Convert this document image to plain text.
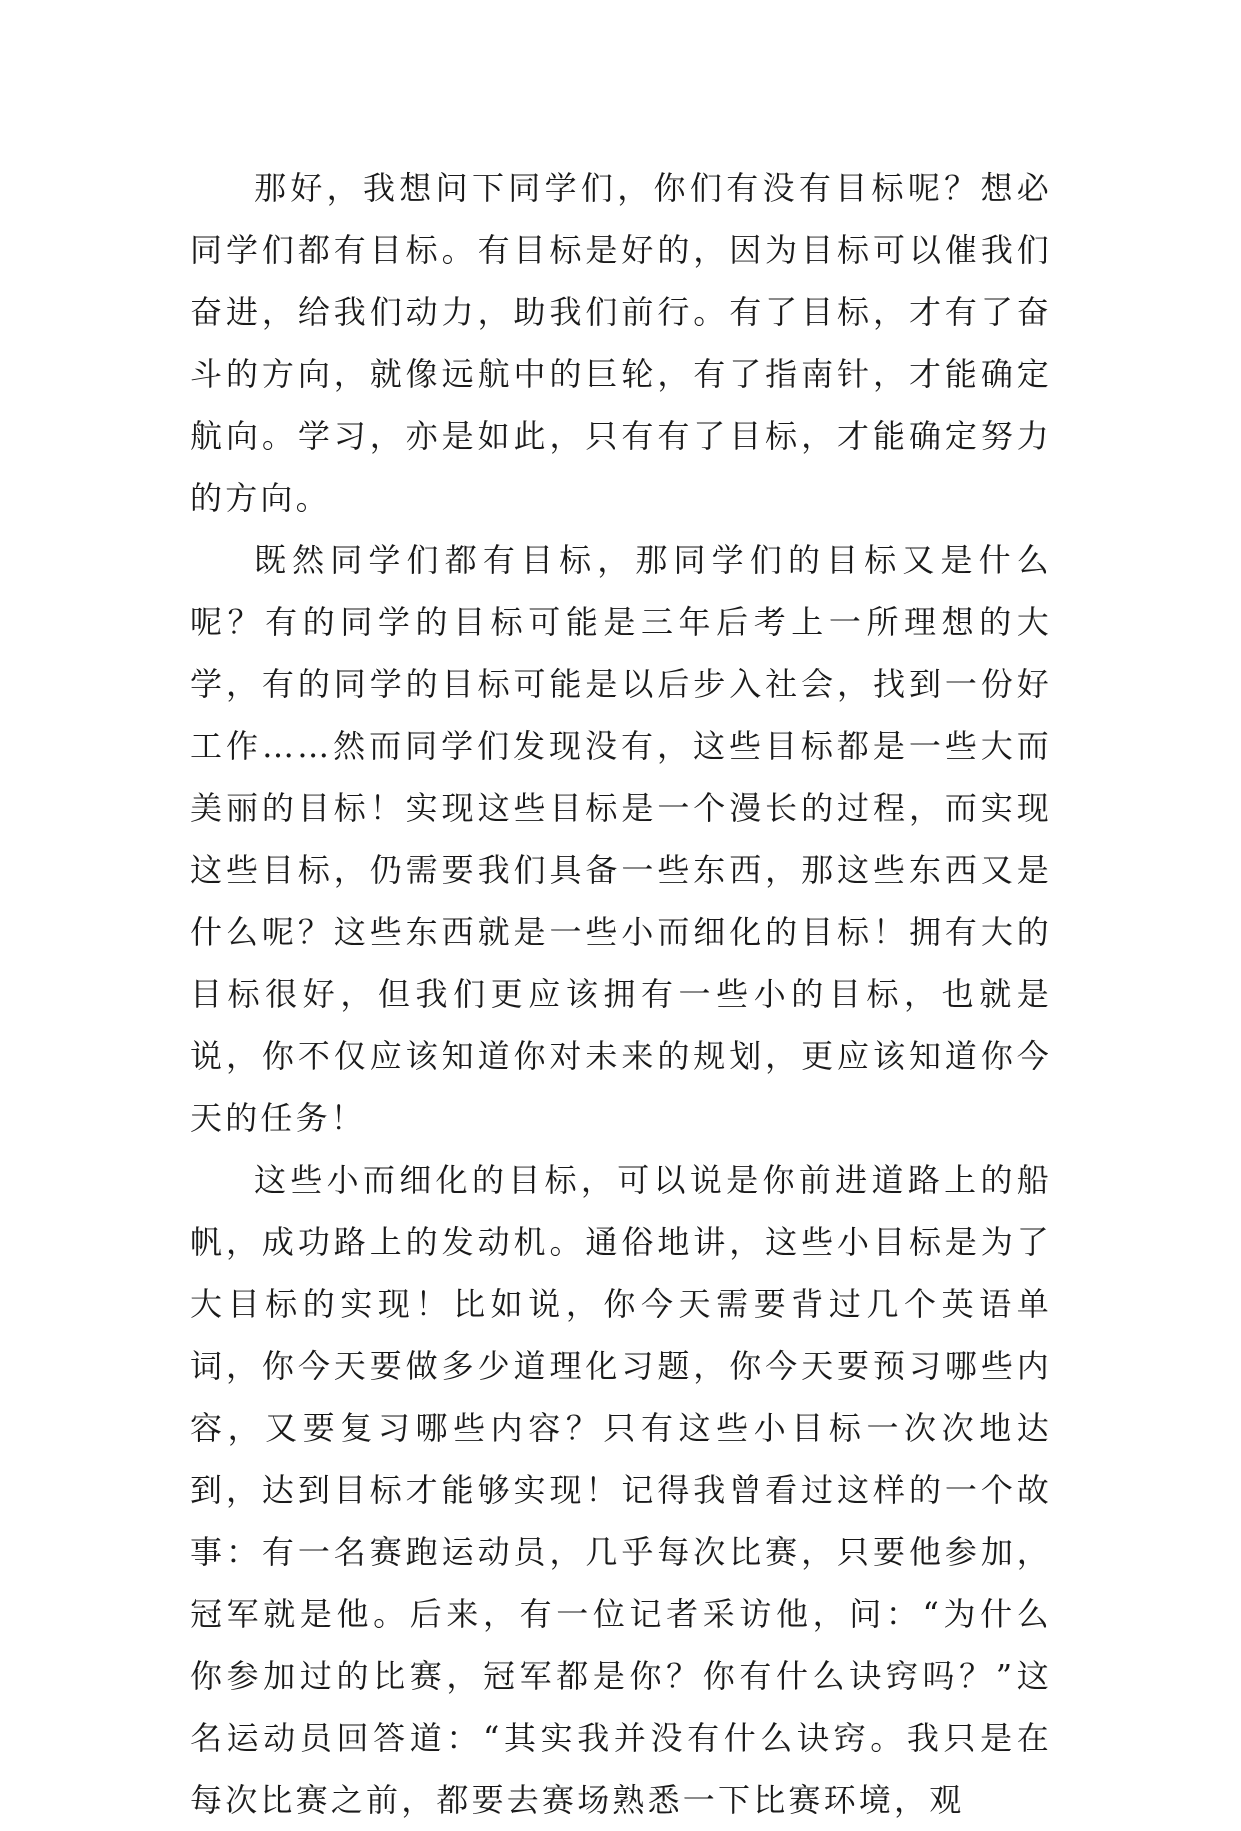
那好，我想问下同学们，你们有没有目标呢？想必同学们都有目标。有目标是好的，因为目标可以催我们奋进，给我们动力，助我们前行。有了目标，才有了奋斗的方向，就像远航中的巨轮，有了指南针，才能确定航向。学习，亦是如此，只有有了目标，才能确定努力的方向。

既然同学们都有目标，那同学们的目标又是什么呢？有的同学的目标可能是三年后考上一所理想的大学，有的同学的目标可能是以后步入社会，找到一份好工作……然而同学们发现没有，这些目标都是一些大而美丽的目标！实现这些目标是一个漫长的过程，而实现这些目标，仍需要我们具备一些东西，那这些东西又是什么呢？这些东西就是一些小而细化的目标！拥有大的目标很好，但我们更应该拥有一些小的目标，也就是说，你不仅应该知道你对未来的规划，更应该知道你今天的任务！

这些小而细化的目标，可以说是你前进道路上的船帆，成功路上的发动机。通俗地讲，这些小目标是为了大目标的实现！比如说，你今天需要背过几个英语单词，你今天要做多少道理化习题，你今天要预习哪些内容，又要复习哪些内容？只有这些小目标一次次地达到，达到目标才能够实现！记得我曾看过这样的一个故事：有一名赛跑运动员，几乎每次比赛，只要他参加，冠军就是他。后来，有一位记者采访他，问：“为什么你参加过的比赛，冠军都是你？你有什么诀窍吗？”这名运动员回答道：“其实我并没有什么诀窍。我只是在每次比赛之前，都要去赛场熟悉一下比赛环境，观
